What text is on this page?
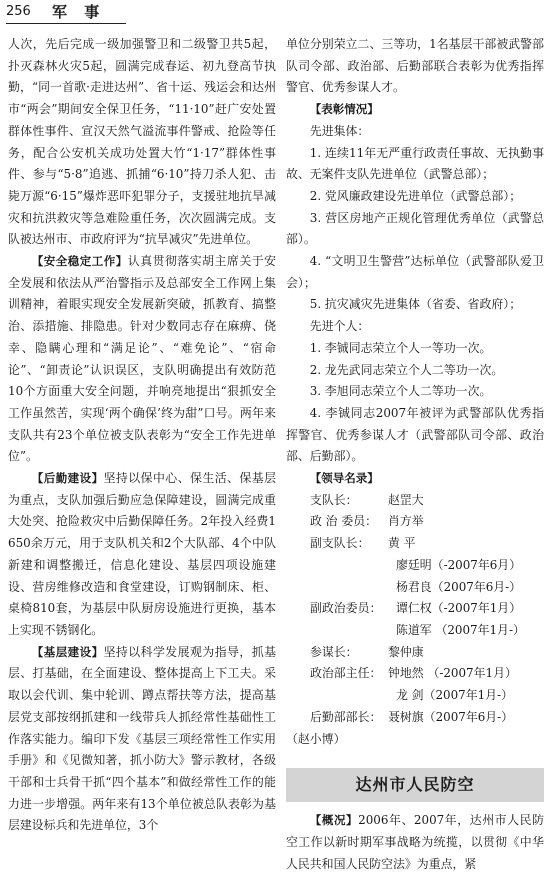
256 军 事

人次，先后完成一级加强警卫和二级警卫共5起，扑灭森林火灾5起，圆满完成春运、初九登高节执勤，“同一首歌·走进达州”、省十运、残运会和达州市“两会”期间安全保卫任务，“11·10”赶广安处置群体性事件、宣汉天然气溢流事件警戒、抢险等任务，配合公安机关成功处置大竹“1·17”群体性事件、参与“5·8”追逃、抓捕“6·10”持刀杀人犯、击毙万源“6·15”爆炸恶吓犯罪分子，支援驻地抗旱减灾和抗洪救灾等急难险重任务，次次圆满完成。支队被达州市、市政府评为“抗旱减灾”先进单位。

【安全稳定工作】认真贯彻落实胡主席关于安全发展和依法从严治警指示及总部安全工作网上集训精神，着眼实现安全发展新突破，抓教育、搞整治、添措施、排隐患。针对少数同志存在麻痹、侥幸、隐瞒心理和“满足论”、“难免论”、“宿命论”、“卸责论”认识误区，支队明确提出有效防范10个方面重大安全问题，并响亮地提出“狠抓安全工作虽然苦，实现‘两个确保’终为甜”口号。两年来支队共有23个单位被支队表彰为“安全工作先进单位”。

【后勤建设】坚持以保中心、保生活、保基层为重点，支队加强后勤应急保障建设，圆满完成重大处突、抢险救灾中后勤保障任务。2年投入经费1 650余万元，用于支队机关和2个大队部、4个中队新建和调整搬迁，信息化建设、基层四项设施建设、营房维修改造和食堂建设，订购钢制床、柜、桌椅810套，为基层中队厨房设施进行更换，基本上实现不锈钢化。

【基层建设】坚持以科学发展观为指导，抓基层、打基础，在全面建设、整体提高上下工夫。采取以会代训、集中轮训、蹲点帮扶等方法，提高基层党支部按纲抓建和一线带兵人抓经常性基础性工作落实能力。编印下发《基层三项经常性工作实用手册》和《见微知著，抓小防大》警示教材，各级干部和士兵骨干抓“四个基本”和做经常性工作的能力进一步增强。两年来有13个单位被总队表彰为基层建设标兵和先进单位，3个

单位分别荣立二、三等功，1名基层干部被武警部队司令部、政治部、后勤部联合表彰为优秀指挥警官、优秀参谋人才。

【表彰情况】

先进集体：

1. 连续11年无严重行政责任事故、无执勤事故、无案件支队先进单位（武警总部）；

2. 党风廉政建设先进单位（武警总部）；

3. 营区房地产正规化管理优秀单位（武警总部）。

4. “文明卫生警营”达标单位（武警部队爱卫会）；

5. 抗灾减灾先进集体（省委、省政府）；

先进个人：

1. 李铖同志荣立个人一等功一次。

2. 龙先武同志荣立个人二等功一次。

3. 李旭同志荣立个人二等功一次。

4. 李铖同志2007年被评为武警部队优秀指挥警官、优秀参谋人才（武警部队司令部、政治部、后勤部）。

【领导名录】

支队长：	赵罡大

政 治 委员： 肖方举

副支队长： 黄 平

廖廷明（-2007年6月）

杨君良（2007年6月-）

副政治委员： 谭仁权（-2007年1月）

陈道军 （2007年1月-）

参谋长：	黎仲康

政治部主任： 钟地然 （-2007年1月）

龙 剑（2007年1月-）

后勤部部长： 聂树旗（2007年6月-）

（赵小博）

达州市人民防空

【概况】2006年、2007年，达州市人民防空工作以新时期军事战略为统揽，以贯彻《中华人民共和国人民防空法》为重点，紧
